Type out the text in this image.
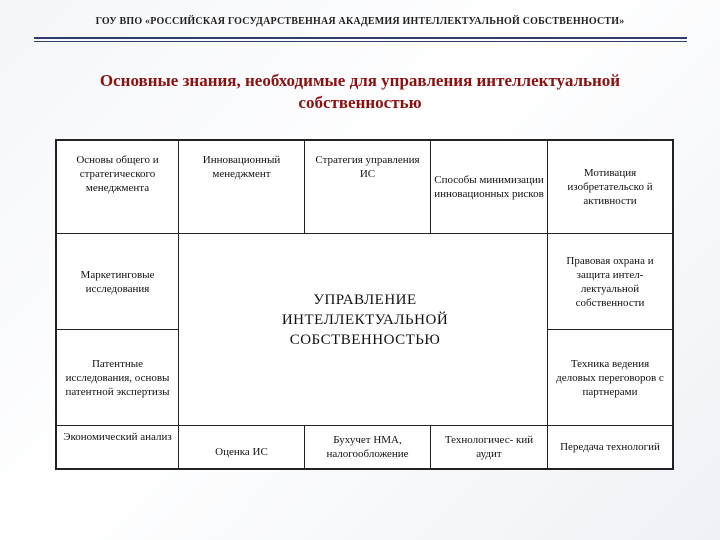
ГОУ ВПО «РОССИЙСКАЯ ГОСУДАРСТВЕННАЯ АКАДЕМИЯ ИНТЕЛЛЕКТУАЛЬНОЙ СОБСТВЕННОСТИ»
Основные знания, необходимые для управления интеллектуальной
собственностью
Основы общего и стратегического менеджмента
Инновационный менеджмент
Стратегия управления ИС	Способы минимизации инновационных рисков
Мотивация изобретательско й активности
Маркетинговые исследования
Патентные исследования, основы патентной экспертизы
Экономический анализ
Правовая охрана и защита интел- лектуальной собственности
Техника ведения деловых переговоров с партнерами
Передача технологий
Оценка ИС
Бухучет НМА, налогообложение
Технологичес- кий аудит
УПРАВЛЕНИЕ
ИНТЕЛЛЕКТУАЛЬНОЙ
СОБСТВЕННОСТЬЮ
